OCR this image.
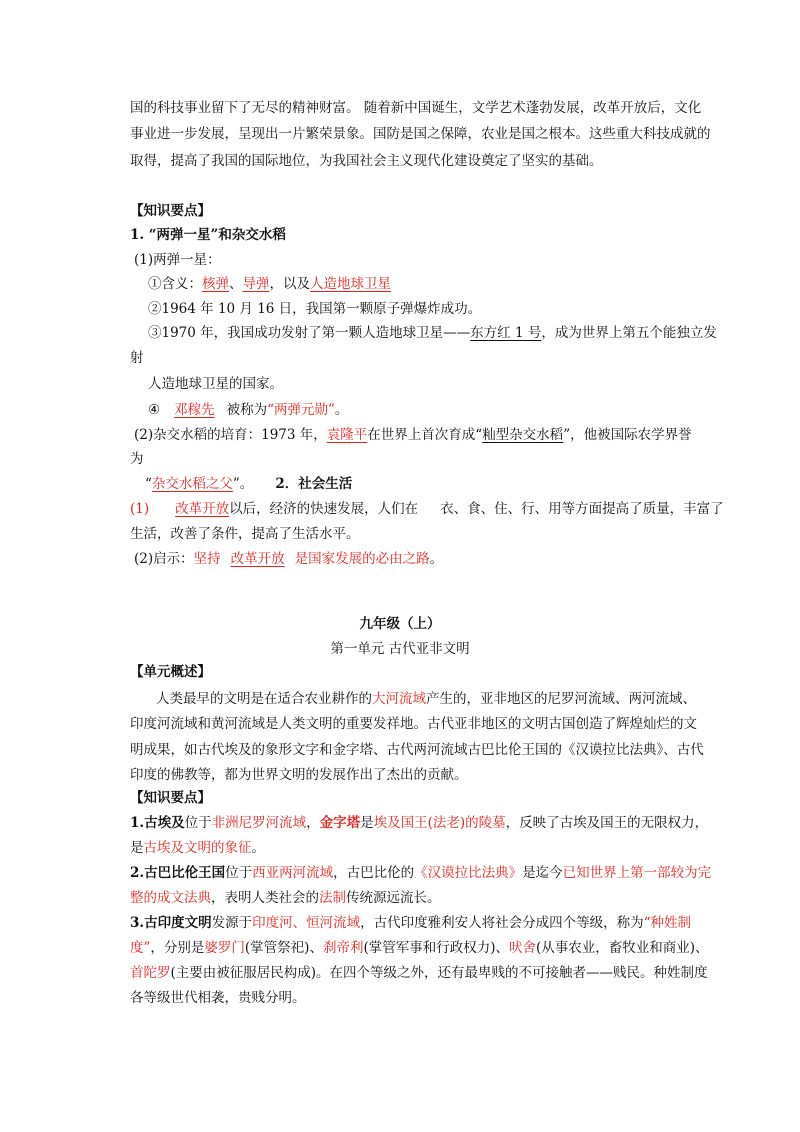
国的科技事业留下了无尽的精神财富。 随着新中国诞生，文学艺术蓬勃发展，改革开放后，文化
事业进一步发展，呈现出一片繁荣景象。国防是国之保障，农业是国之根本。这些重大科技成就的
取得，提高了我国的国际地位，为我国社会主义现代化建设奠定了坚实的基础。
【知识要点】
1. “两弹一星”和杂交水稻
(1)两弹一星：
①含义：核弹、导弹，以及人造地球卫星
②1964 年 10 月 16 日，我国第一颗原子弹爆炸成功。
③1970 年，我国成功发射了第一颗人造地球卫星——东方红 1 号，成为世界上第五个能独立发
射
人造地球卫星的国家。
④ 邓稼先 被称为“两弹元勋”。
(2)杂交水稻的培育：1973 年，袁隆平在世界上首次育成“籼型杂交水稻”，他被国际农学界誉
为
“杂交水稻之父”。 2．社会生活
(1) 改革开放以后，经济的快速发展，人们在 衣、食、住、行、用等方面提高了质量，丰富了
生活，改善了条件，提高了生活水平。
(2)启示：坚持 改革开放 是国家发展的必由之路。
九年级（上）
第一单元 古代亚非文明
【单元概述】
人类最早的文明是在适合农业耕作的大河流域产生的，亚非地区的尼罗河流域、两河流域、
印度河流域和黄河流域是人类文明的重要发祥地。古代亚非地区的文明古国创造了辉煌灿烂的文
明成果，如古代埃及的象形文字和金字塔、古代两河流域古巴比伦王国的《汉谟拉比法典》、古代
印度的佛教等，都为世界文明的发展作出了杰出的贡献。
【知识要点】
1.古埃及位于非洲尼罗河流域，金字塔是埃及国王(法老)的陵墓，反映了古埃及国王的无限权力，
是古埃及文明的象征。
2.古巴比伦王国位于西亚两河流域，古巴比伦的《汉谟拉比法典》是迄今已知世界上第一部较为完
整的成文法典，表明人类社会的法制传统源远流长。
3.古印度文明发源于印度河、恒河流域，古代印度雅利安人将社会分成四个等级，称为“种姓制
度”，分别是婆罗门(掌管祭祀)、刹帝利(掌管军事和行政权力)、吠舍(从事农业，畜牧业和商业)、
首陀罗(主要由被征服居民构成)。在四个等级之外，还有最卑贱的不可接触者——贱民。种姓制度
各等级世代相袭，贵贱分明。
